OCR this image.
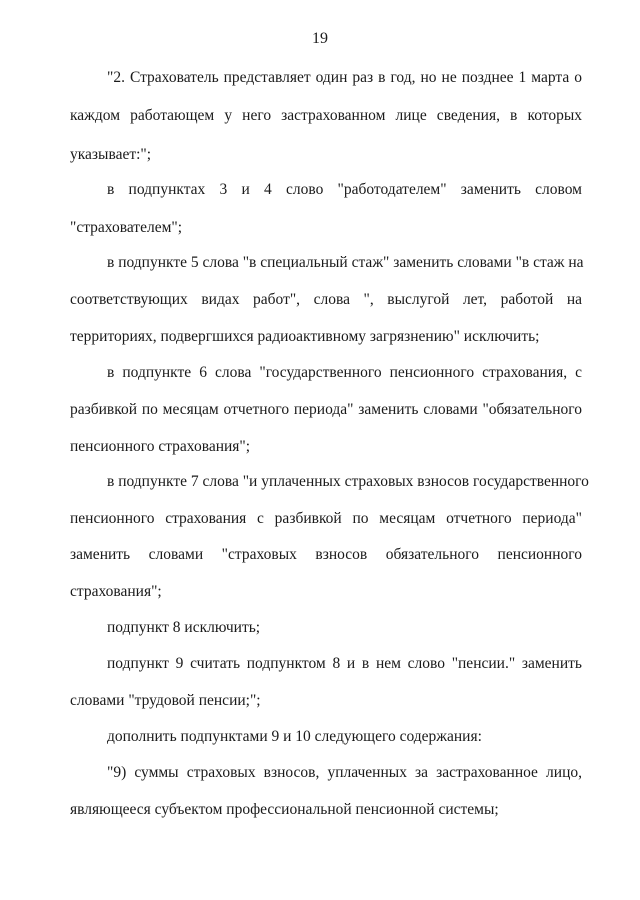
19
"2. Страхователь представляет один раз в год, но не позднее 1 марта о
каждом работающем у него застрахованном лице сведения, в которых
указывает:";
в подпунктах 3 и 4 слово "работодателем" заменить словом
"страхователем";
в подпункте 5 слова "в специальный стаж" заменить словами "в стаж на
соответствующих видах работ", слова ", выслугой лет, работой на
территориях, подвергшихся радиоактивному загрязнению" исключить;
в подпункте 6 слова "государственного пенсионного страхования, с
разбивкой по месяцам отчетного периода" заменить словами "обязательного
пенсионного страхования";
в подпункте 7 слова "и уплаченных страховых взносов государственного
пенсионного страхования с разбивкой по месяцам отчетного периода"
заменить словами "страховых взносов обязательного пенсионного
страхования";
подпункт 8 исключить;
подпункт 9 считать подпунктом 8 и в нем слово "пенсии." заменить
словами "трудовой пенсии;";
дополнить подпунктами 9 и 10 следующего содержания:
"9) суммы страховых взносов, уплаченных за застрахованное лицо,
являющееся субъектом профессиональной пенсионной системы;
